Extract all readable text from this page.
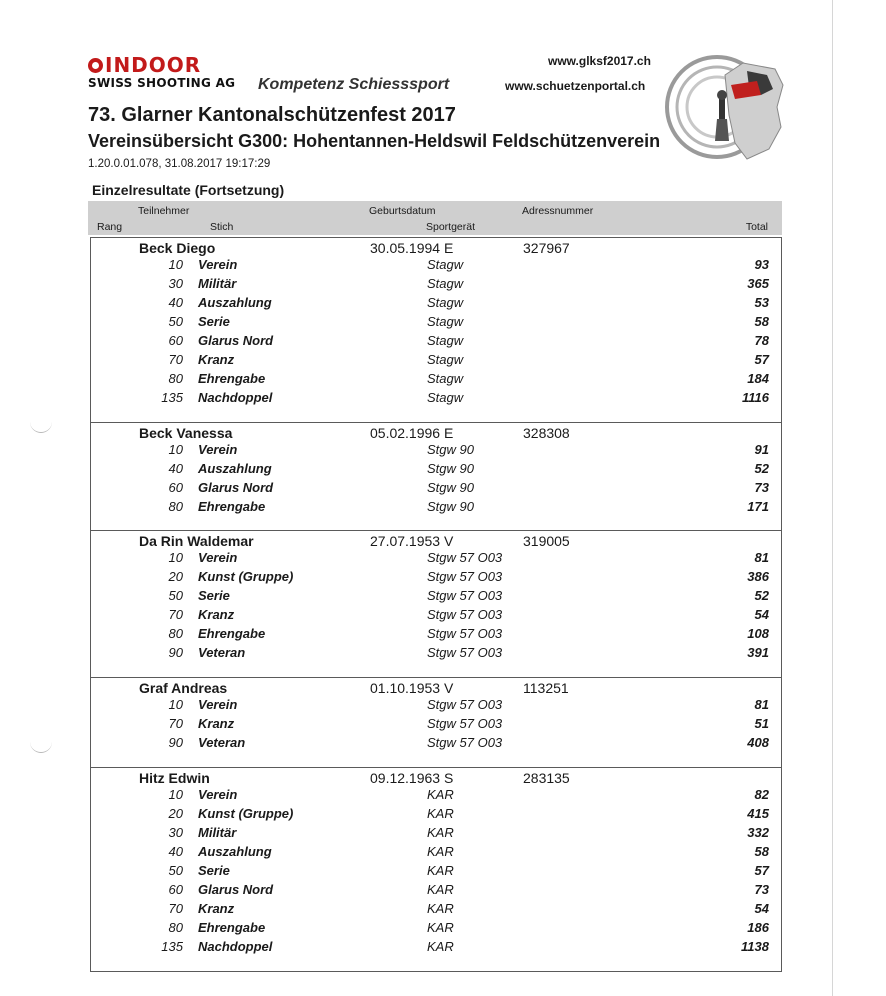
INDOOR
SWISS SHOOTING AG Kompetenz Schiesssport
www.glksf2017.ch
www.schuetzenportal.ch
73. Glarner Kantonalschützenfest 2017
Vereinsübersicht G300: Hohentannen-Heldswil Feldschützenverein
1.20.0.01.078, 31.08.2017 19:17:29
Einzelresultate (Fortsetzung)
Teilnehmer	Geburtsdatum	Adressnummer
Rang	Stich	Sportgerät	Total
Beck Diego	30.05.1994 E	327967
10 Verein	Stagw	93
30 Militär	Stagw	365
40 Auszahlung	Stagw	53
50 Serie	Stagw	58
60 Glarus Nord	Stagw	78
70 Kranz	Stagw	57
80 Ehrengabe	Stagw	184
135 Nachdoppel	Stagw	1116
Beck Vanessa	05.02.1996 E	328308
10 Verein	Stgw 90	91
40 Auszahlung	Stgw 90	52
60 Glarus Nord	Stgw 90	73
80 Ehrengabe	Stgw 90	171
Da Rin Waldemar	27.07.1953 V	319005
10 Verein	Stgw 57 O03	81
20 Kunst (Gruppe)	Stgw 57 O03	386
50 Serie	Stgw 57 O03	52
70 Kranz	Stgw 57 O03	54
80 Ehrengabe	Stgw 57 O03	108
90 Veteran	Stgw 57 O03	391
Graf Andreas	01.10.1953 V	113251
10 Verein	Stgw 57 O03	81
70 Kranz	Stgw 57 O03	51
90 Veteran	Stgw 57 O03	408
Hitz Edwin	09.12.1963 S	283135
10 Verein	KAR	82
20 Kunst (Gruppe)	KAR	415
30 Militär	KAR	332
40 Auszahlung	KAR	58
50 Serie	KAR	57
60 Glarus Nord	KAR	73
70 Kranz	KAR	54
80 Ehrengabe	KAR	186
135 Nachdoppel	KAR	1138
